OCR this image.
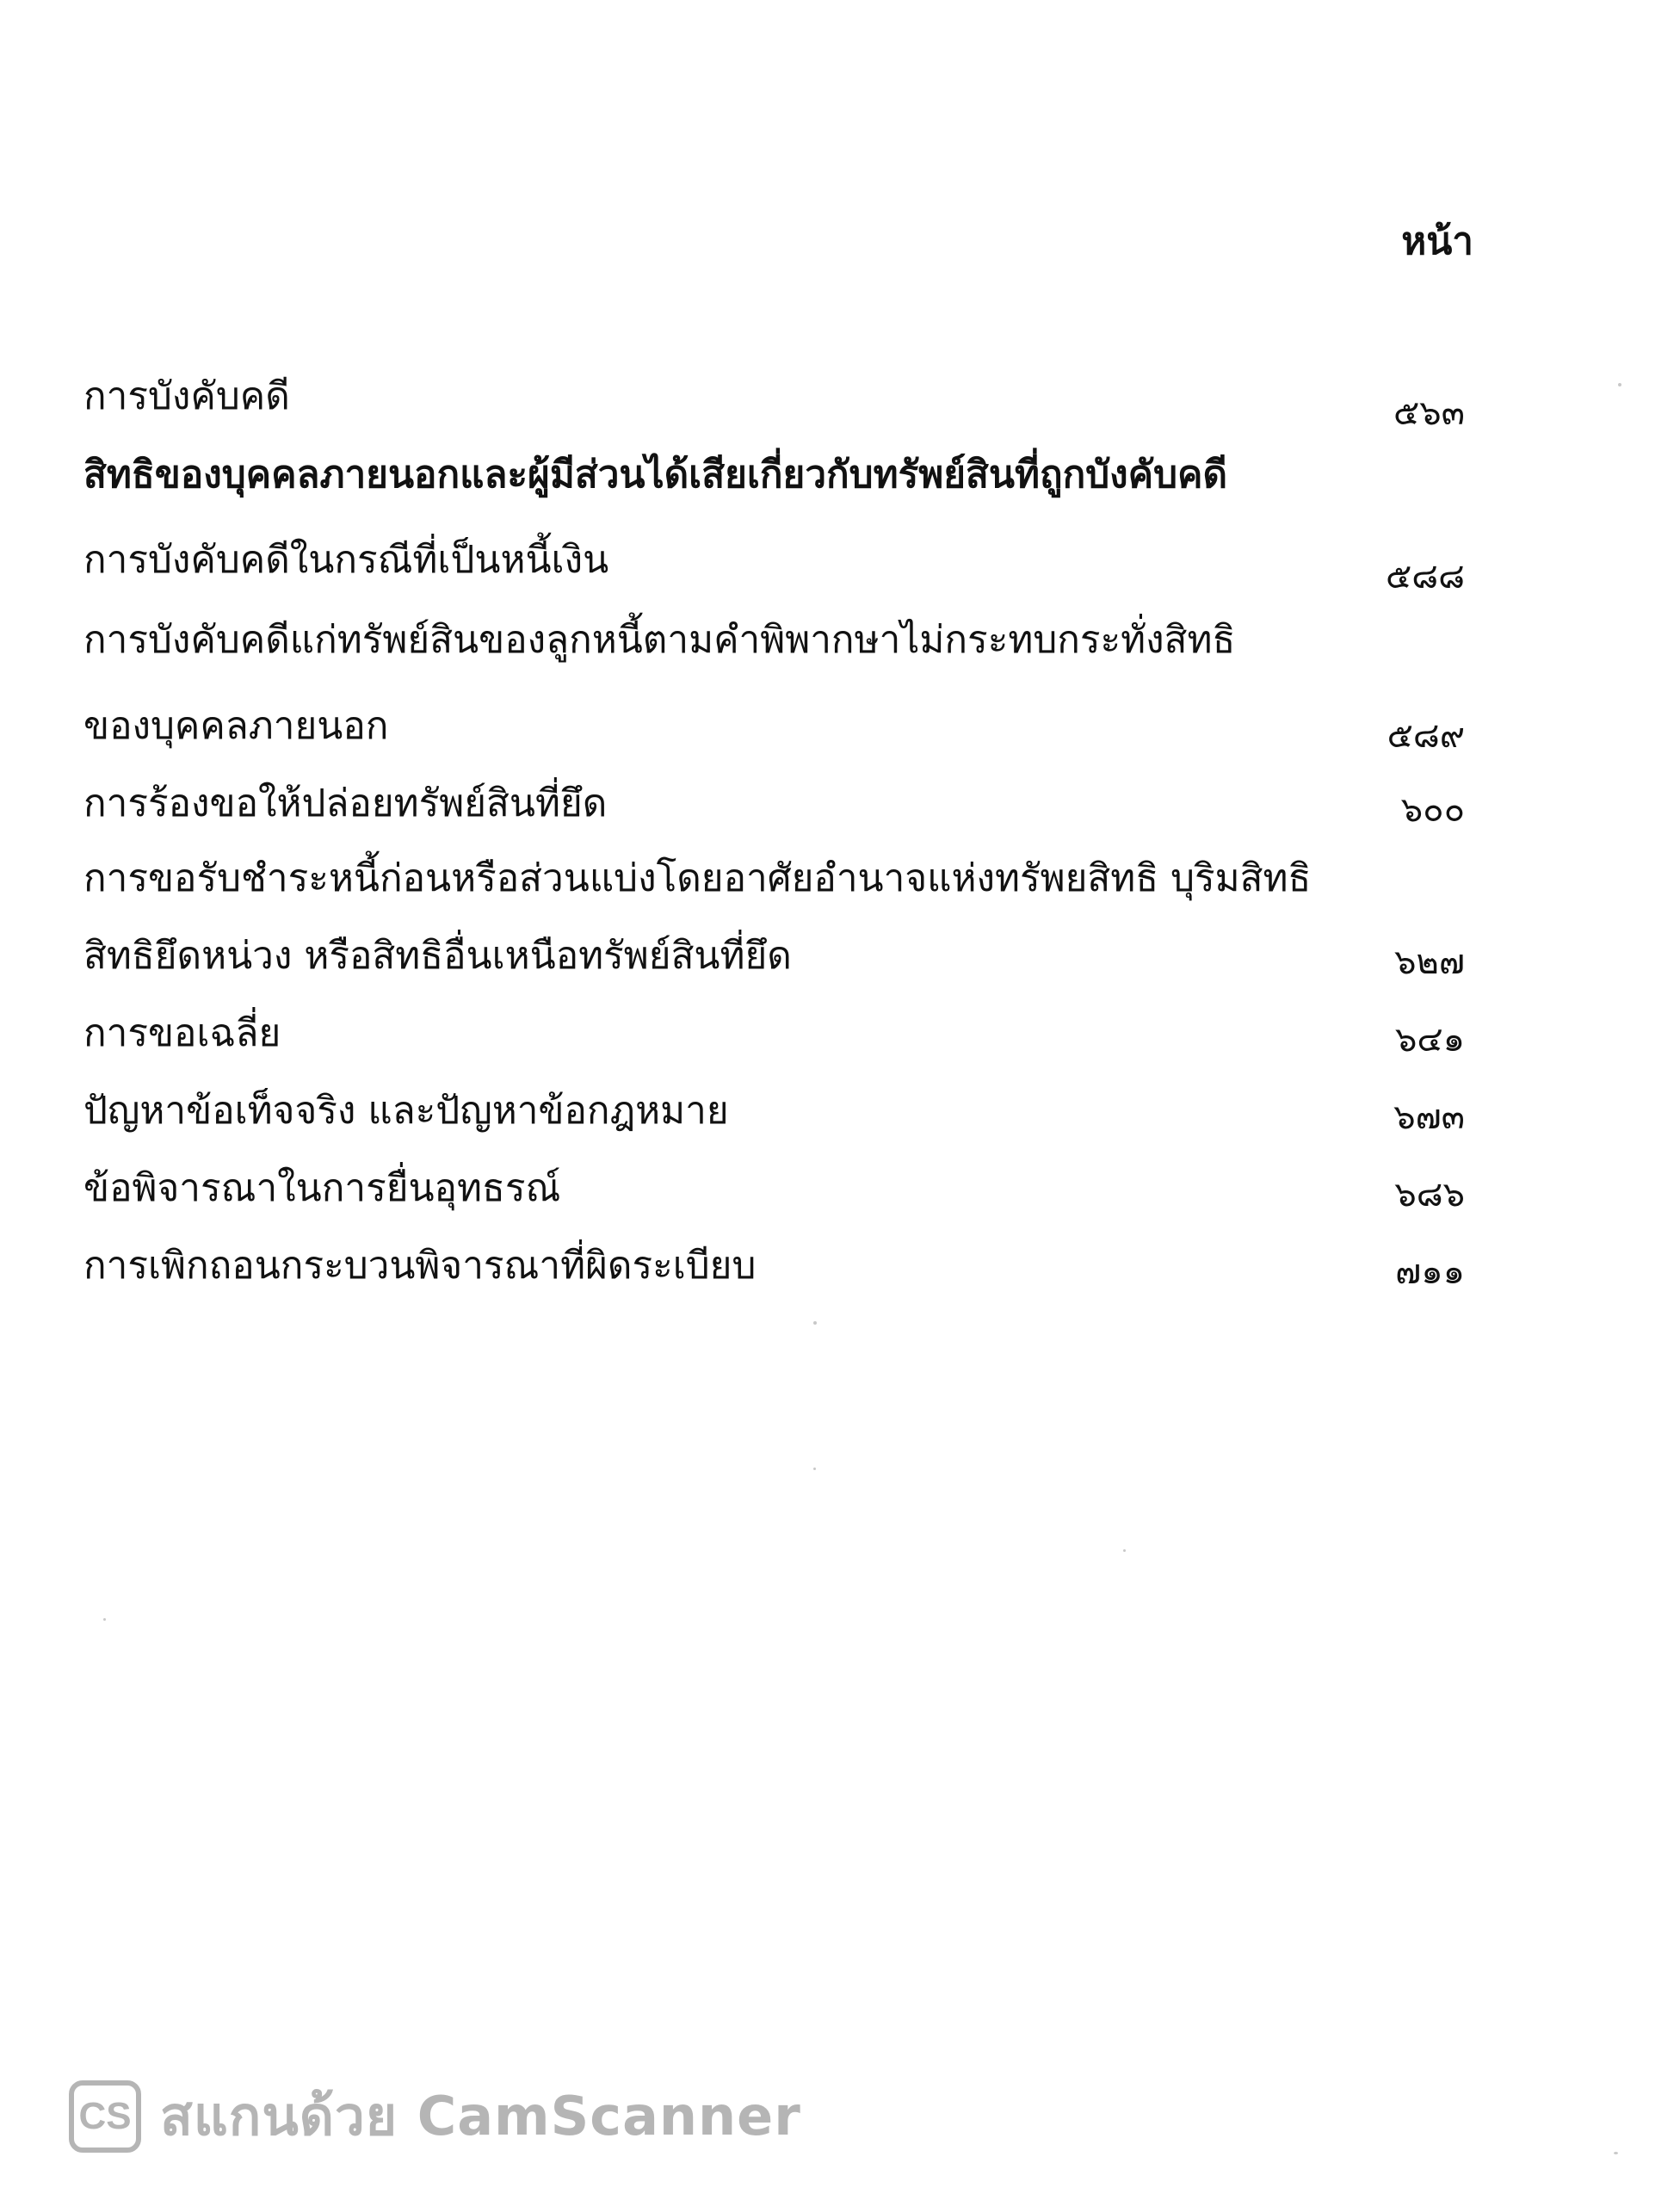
หน้า
การบังคับคดี	๕๖๓
สิทธิของบุคคลภายนอกและผู้มีส่วนได้เสียเกี่ยวกับทรัพย์สินที่ถูกบังคับคดี
การบังคับคดีในกรณีที่เป็นหนี้เงิน	๕๘๘
การบังคับคดีแก่ทรัพย์สินของลูกหนี้ตามคำพิพากษาไม่กระทบกระทั่งสิทธิ
ของบุคคลภายนอก	๕๘๙
การร้องขอให้ปล่อยทรัพย์สินที่ยึด	๖๐๐
การขอรับชำระหนี้ก่อนหรือส่วนแบ่งโดยอาศัยอำนาจแห่งทรัพยสิทธิ บุริมสิทธิ
สิทธิยึดหน่วง หรือสิทธิอื่นเหนือทรัพย์สินที่ยึด	๖๒๗
การขอเฉลี่ย	๖๔๑
ปัญหาข้อเท็จจริง และปัญหาข้อกฎหมาย	๖๗๓
ข้อพิจารณาในการยื่นอุทธรณ์	๖๘๖
การเพิกถอนกระบวนพิจารณาที่ผิดระเบียบ	๗๑๑
CS สแกนด้วย CamScanner
